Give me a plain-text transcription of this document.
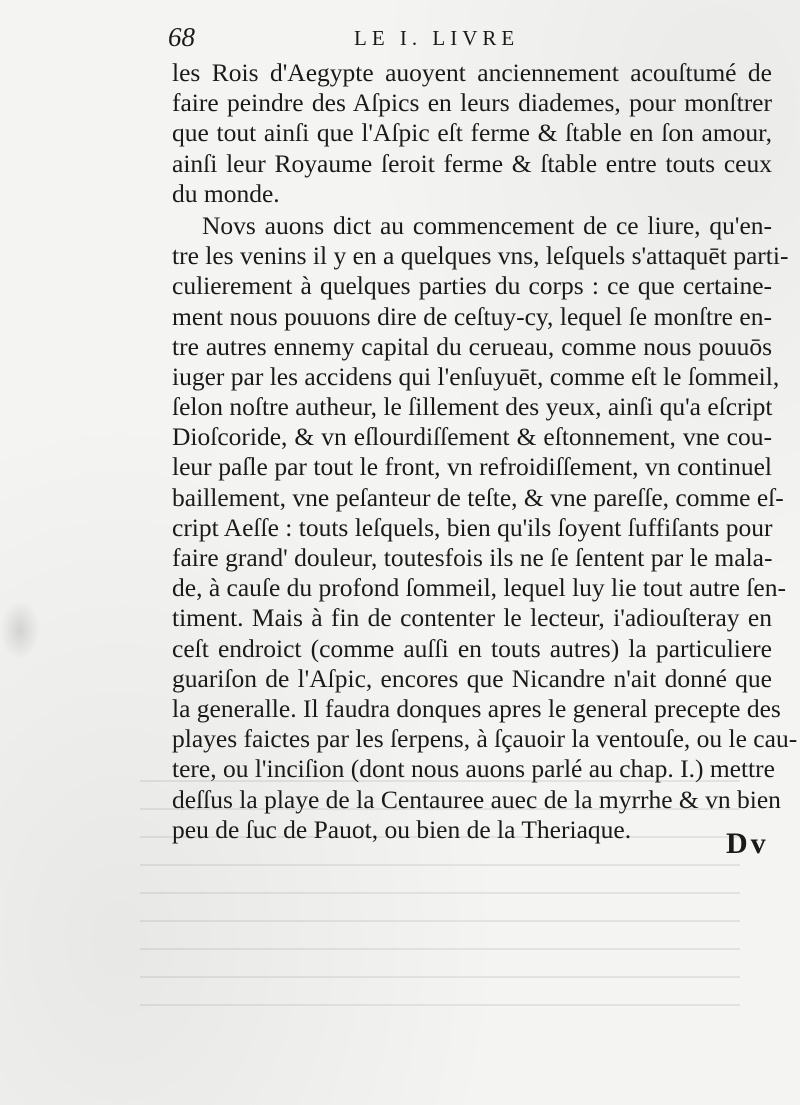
68	LE I. LIVRE
les Rois d'Aegypte auoyent anciennement acouſtumé de
faire peindre des Aſpics en leurs diademes, pour monſtrer
que tout ainſi que l'Aſpic eſt ferme & ſtable en ſon amour,
ainſi leur Royaume ſeroit ferme & ſtable entre touts ceux
du monde.
Novs auons dict au commencement de ce liure, qu'en-
tre les venins il y en a quelques vns, leſquels s'attaquēt parti-
culierement à quelques parties du corps : ce que certaine-
ment nous pouuons dire de ceſtuy-cy, lequel ſe monſtre en-
tre autres ennemy capital du cerueau, comme nous pouuōs
iuger par les accidens qui l'enſuyuēt, comme eſt le ſommeil,
ſelon noſtre autheur, le ſillement des yeux, ainſi qu'a eſcript
Dioſcoride, & vn eſlourdiſſement & eſtonnement, vne cou-
leur paſle par tout le front, vn refroidiſſement, vn continuel
baillement, vne peſanteur de teſte, & vne pareſſe, comme eſ-
cript Aeſſe : touts leſquels, bien qu'ils ſoyent ſuffiſants pour
faire grand' douleur, toutesfois ils ne ſe ſentent par le mala-
de, à cauſe du profond ſommeil, lequel luy lie tout autre ſen-
timent. Mais à fin de contenter le lecteur, i'adiouſteray en
ceſt endroict (comme auſſi en touts autres) la particuliere
guariſon de l'Aſpic, encores que Nicandre n'ait donné que
la generalle. Il faudra donques apres le general precepte des
playes faictes par les ſerpens, à ſçauoir la ventouſe, ou le cau-
tere, ou l'inciſion (dont nous auons parlé au chap. I.) mettre
deſſus la playe de la Centauree auec de la myrrhe & vn bien
peu de ſuc de Pauot, ou bien de la Theriaque.	Dv
